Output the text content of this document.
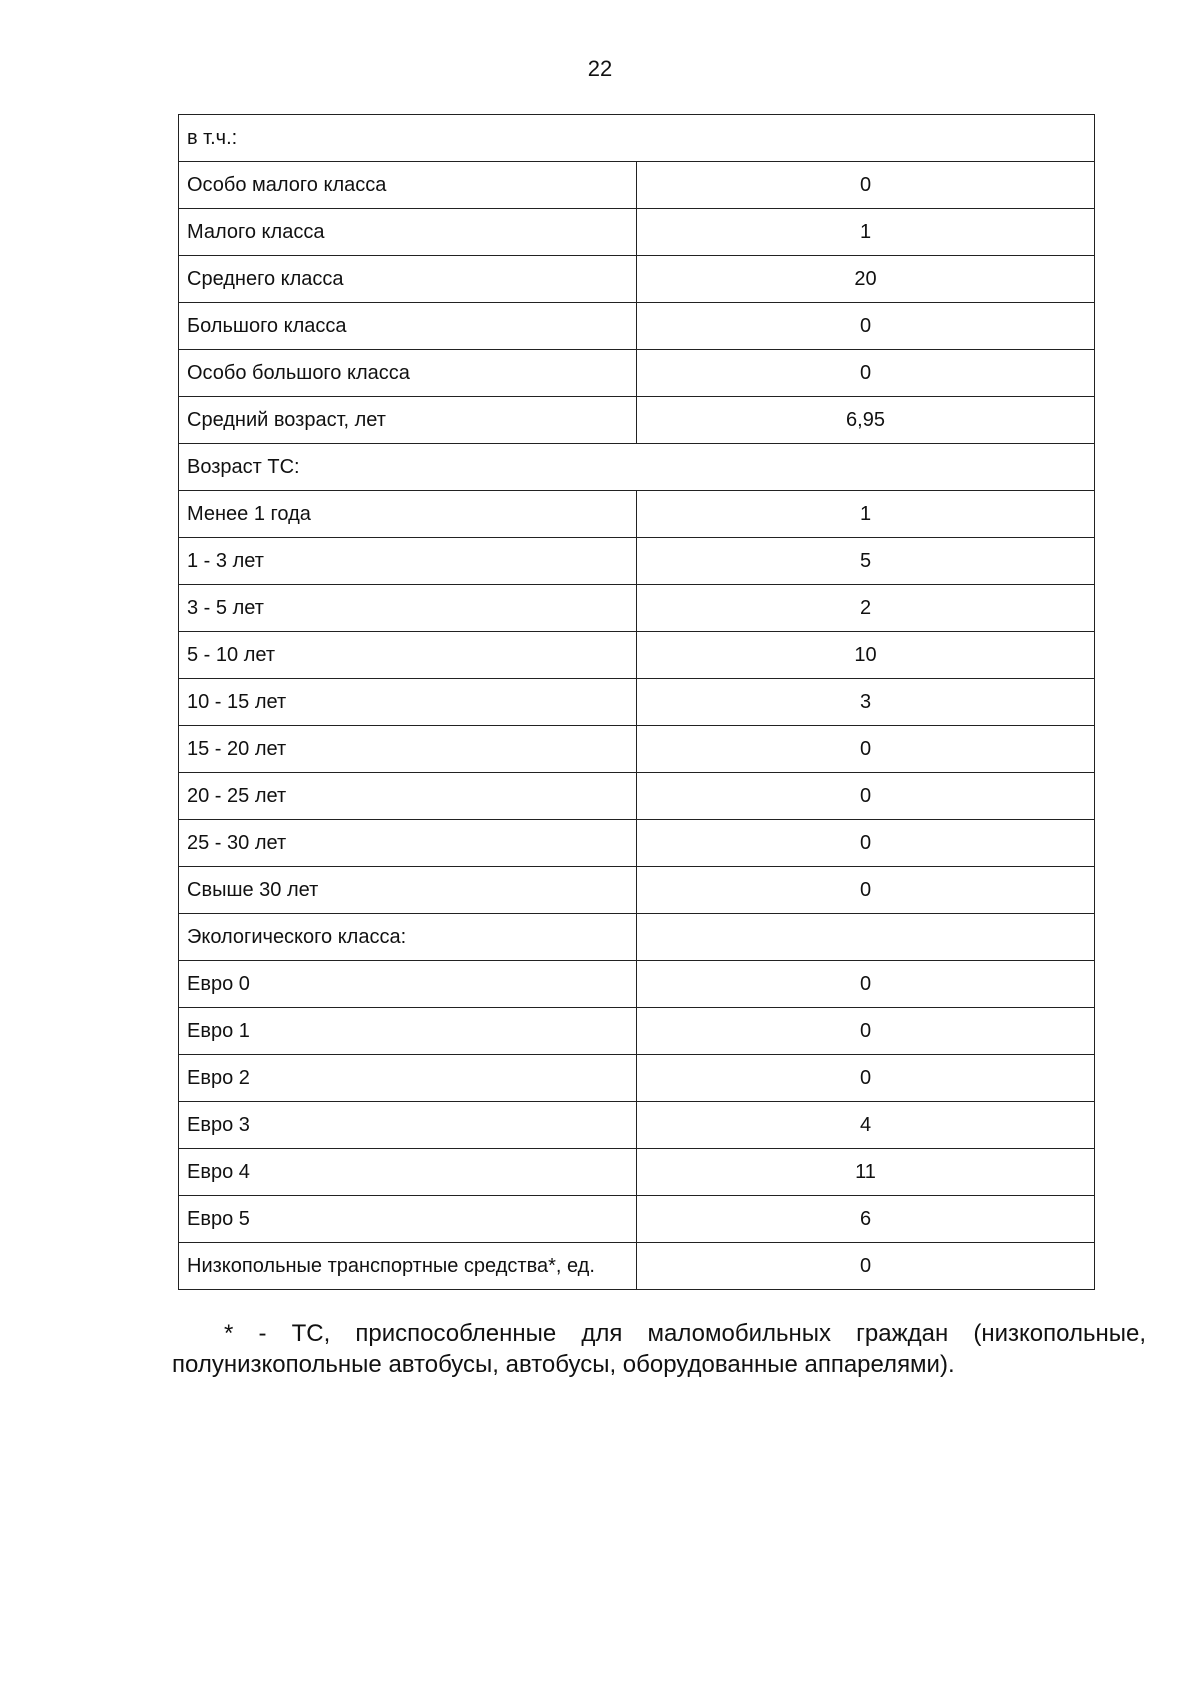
22
в т.ч.:	
Особо малого класса	0
Малого класса	1
Среднего класса	20
Большого класса	0
Особо большого класса	0
Средний возраст, лет	6,95
Возраст ТС:	
Менее 1 года	1
1 - 3 лет	5
3 - 5 лет	2
5 - 10 лет	10
10 - 15 лет	3
15 - 20 лет	0
20 - 25 лет	0
25 - 30 лет	0
Свыше 30 лет	0
Экологического класса:	
Евро 0	0
Евро 1	0
Евро 2	0
Евро 3	4
Евро 4	11
Евро 5	6
Низкопольные транспортные средства*, ед.	0
* - ТС, приспособленные для маломобильных граждан (низкопольные, полунизкопольные автобусы, автобусы, оборудованные аппарелями).
